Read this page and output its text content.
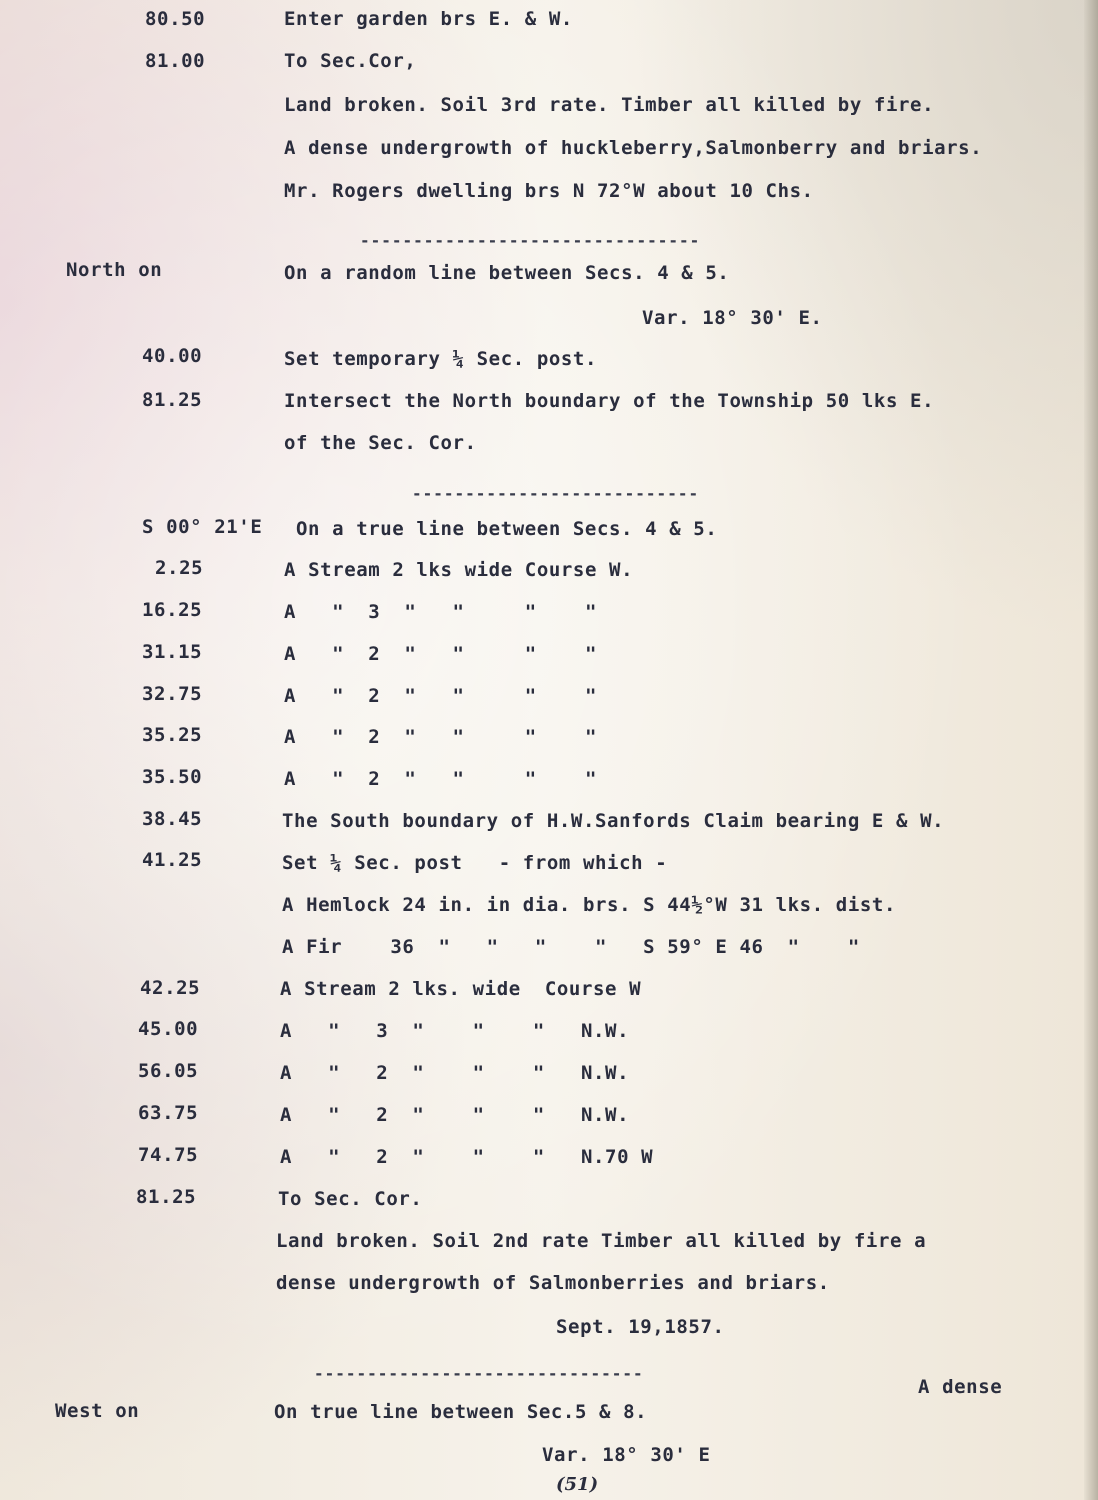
80.50
81.00
North on
40.00
81.25
S 00° 21'E
2.25
16.25
31.15
32.75
35.25
35.50
38.45
41.25
42.25
45.00
56.05
63.75
74.75
81.25
West on
Enter garden brs E. & W.
To Sec.Cor,
Land broken. Soil 3rd rate. Timber all killed by fire.
A dense undergrowth of huckleberry,Salmonberry and briars.
Mr. Rogers dwelling brs N 72°W about 10 Chs.
--------------------------------
On a random line between Secs. 4 & 5.
Var. 18° 30' E.
Set temporary ¼ Sec. post.
Intersect the North boundary of the Township 50 lks E.
of the Sec. Cor.
---------------------------
On a true line between Secs. 4 & 5.
A Stream 2 lks wide Course W.
A   "  3  "   "     "    "
A   "  2  "   "     "    "
A   "  2  "   "     "    "
A   "  2  "   "     "    "
A   "  2  "   "     "    "
The South boundary of H.W.Sanfords Claim bearing E & W.
Set ¼ Sec. post   - from which -
A Hemlock 24 in. in dia. brs. S 44½°W 31 lks. dist.
A Fir    36  "   "   "    "   S 59° E 46  "    "
A Stream 2 lks. wide  Course W
A   "   3  "    "    "   N.W.
A   "   2  "    "    "   N.W.
A   "   2  "    "    "   N.W.
A   "   2  "    "    "   N.70 W
To Sec. Cor.
Land broken. Soil 2nd rate Timber all killed by fire a
dense undergrowth of Salmonberries and briars.
Sept. 19,1857.
-------------------------------
A dense
On true line between Sec.5 & 8.
Var. 18° 30' E
(51)
